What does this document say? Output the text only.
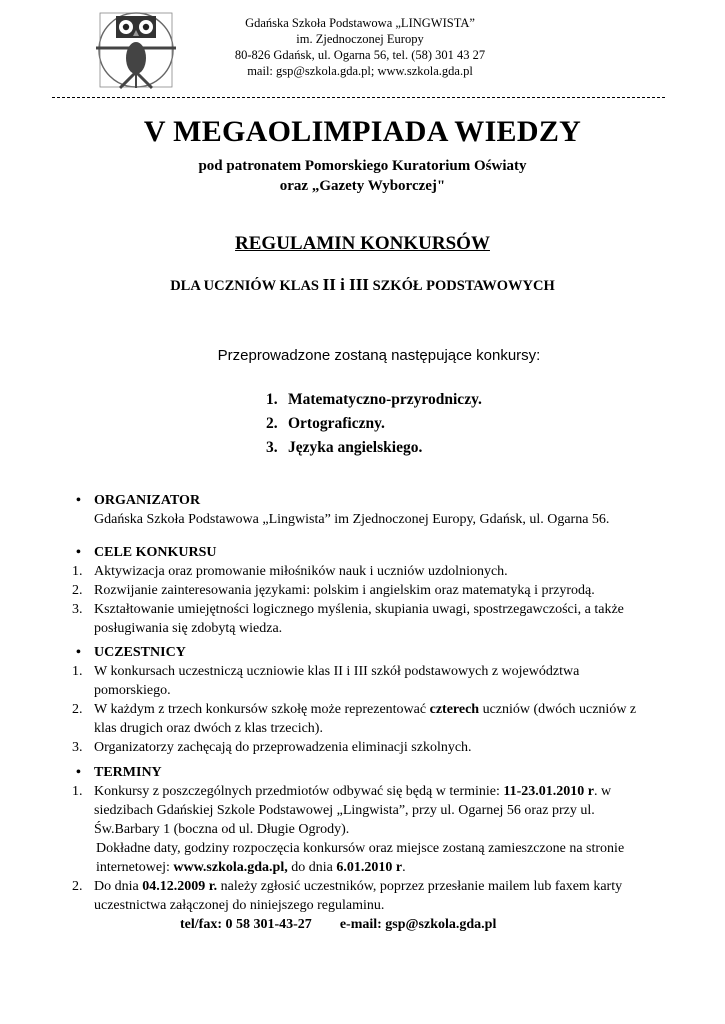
Gdańska Szkoła Podstawowa „LINGWISTA”
im. Zjednoczonej Europy
80-826 Gdańsk, ul. Ogarna 56, tel. (58) 301 43 27
mail: gsp@szkola.gda.pl; www.szkola.gda.pl
V MEGAOLIMPIADA WIEDZY
pod patronatem Pomorskiego Kuratorium Oświaty
oraz „Gazety Wyborczej"
REGULAMIN KONKURSÓW
DLA UCZNIÓW KLAS II i III SZKÓŁ PODSTAWOWYCH
Przeprowadzone zostaną następujące konkursy:
1. Matematyczno-przyrodniczy.
2. Ortograficzny.
3. Języka angielskiego.
• ORGANIZATOR
Gdańska Szkoła Podstawowa „Lingwista” im Zjednoczonej Europy, Gdańsk, ul. Ogarna 56.
• CELE KONKURSU
1. Aktywizacja oraz promowanie miłośników nauk i uczniów uzdolnionych.
2. Rozwijanie zainteresowania językami: polskim i angielskim oraz matematyką i przyrodą.
3. Kształtowanie umiejętności logicznego myślenia, skupiania uwagi, spostrzegawczości, a także posługiwania się zdobytą wiedza.
• UCZESTNICY
1. W konkursach uczestniczą uczniowie klas II i III szkół podstawowych z województwa pomorskiego.
2. W każdym z trzech konkursów szkołę może reprezentować czterech uczniów (dwóch uczniów z klas drugich oraz dwóch z klas trzecich).
3. Organizatorzy zachęcają do przeprowadzenia eliminacji szkolnych.
• TERMINY
1. Konkursy z poszczególnych przedmiotów odbywać się będą w terminie: 11-23.01.2010 r. w siedzibach Gdańskiej Szkole Podstawowej „Lingwista”, przy ul. Ogarnej 56 oraz przy ul. Św.Barbary 1 (boczna od ul. Długie Ogrody).
Dokładne daty, godziny rozpoczęcia konkursów oraz miejsce zostaną zamieszczone na stronie internetowej: www.szkola.gda.pl, do dnia 6.01.2010 r.
2. Do dnia 04.12.2009 r. należy zgłosić uczestników, poprzez przesłanie mailem lub faxem karty uczestnictwa załączonej do niniejszego regulaminu.
tel/fax: 0 58 301-43-27 e-mail: gsp@szkola.gda.pl
